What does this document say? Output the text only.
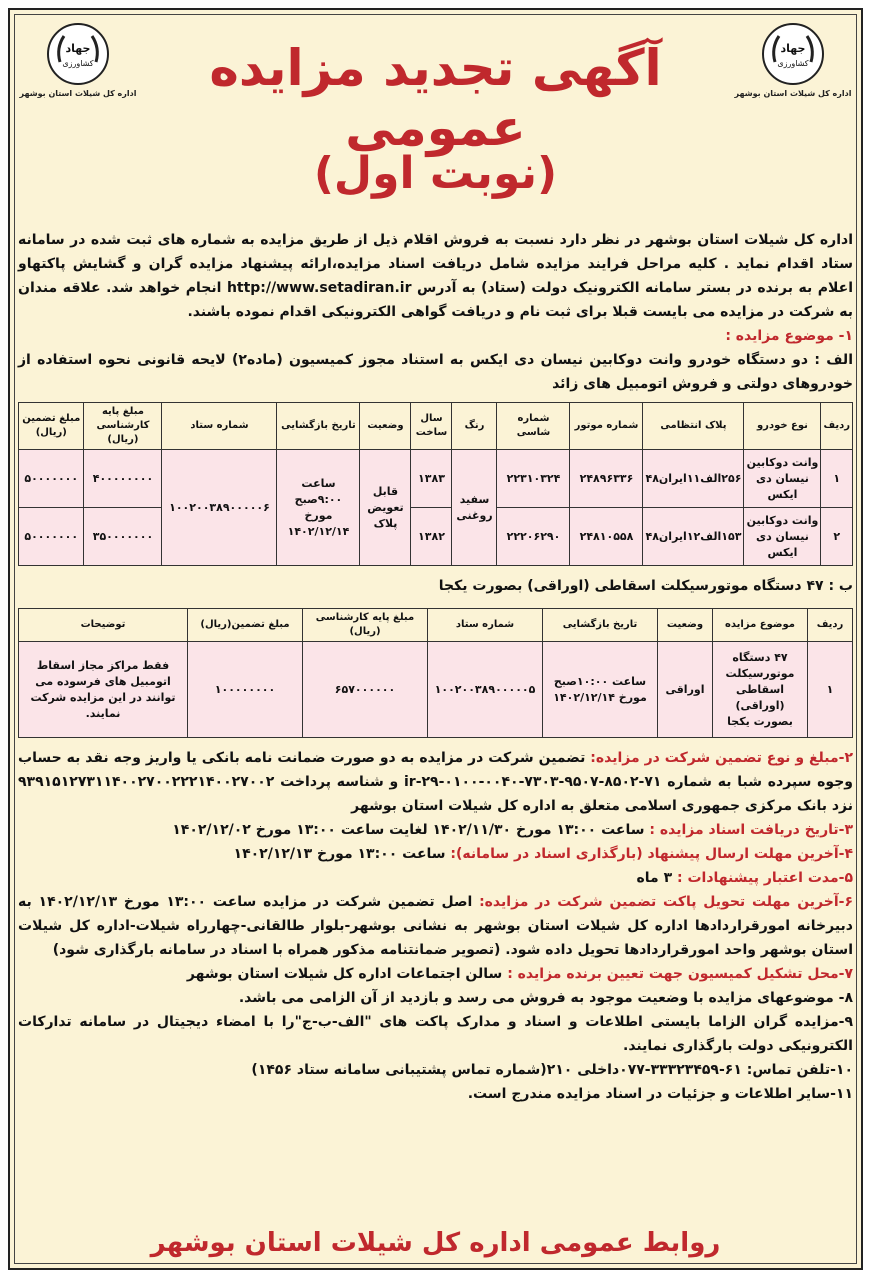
جهاد
کشاورزی
اداره کل شیلات استان بوشهر
جهاد
کشاورزی
اداره کل شیلات استان بوشهر	آگهی تجدید مزایده عمومی
(نوبت اول)
اداره کل شیلات استان بوشهر در نظر دارد نسبت به فروش اقلام ذیل از طریق مزایده به شماره های ثبت شده در سامانه ستاد اقدام نماید . کلیه مراحل فرایند مزایده شامل دریافت اسناد مزایده،ارائه پیشنهاد مزایده گران و گشایش پاکتهاو اعلام به برنده در بستر سامانه الکترونیک دولت (ستاد) به آدرس http://www.setadiran.ir انجام خواهد شد. علاقه مندان به شرکت در مزایده می بایست قبلا برای ثبت نام و دریافت گواهی الکترونیکی اقدام نموده باشند.
۱- موضوع مزایده :
الف : دو دستگاه خودرو وانت دوکابین نیسان دی ایکس به استناد مجوز کمیسیون (ماده۲) لایحه قانونی نحوه استفاده از خودروهای دولتی و فروش اتومبیل های زائد
ردیف	نوع خودرو	پلاک انتظامی	شماره موتور	شماره شاسی	رنگ	سال ساخت	وضعیت	تاریخ بازگشایی	شماره ستاد	مبلغ پایه کارشناسی (ریال)	مبلغ تضمین (ریال)
۱	وانت دوکابین نیسان دی ایکس	۲۵۶الف۱۱ایران۴۸	۲۴۸۹۶۳۳۶	۲۲۳۱۰۳۲۴	سفید روغنی	۱۳۸۳	قابل تعویض پلاک	ساعت ۹:۰۰صبح مورخ ۱۴۰۲/۱۲/۱۴	۱۰۰۲۰۰۳۸۹۰۰۰۰۰۶	۴۰۰۰۰۰۰۰۰	۵۰۰۰۰۰۰۰
۲	وانت دوکابین نیسان دی ایکس	۱۵۳الف۱۲ایران۴۸	۲۴۸۱۰۵۵۸	۲۲۲۰۶۲۹۰		۱۳۸۲				۳۵۰۰۰۰۰۰۰	۵۰۰۰۰۰۰۰
ب : ۴۷ دستگاه موتورسیکلت اسقاطی (اوراقی) بصورت یکجا
ردیف	موضوع مزایده	وضعیت	تاریخ بازگشایی	شماره ستاد	مبلغ پایه کارشناسی (ریال)	مبلغ تضمین(ریال)	توضیحات
۱	۴۷ دستگاه موتورسیکلت اسقاطی (اوراقی) بصورت یکجا	اوراقی	ساعت ۱۰:۰۰صبح مورخ ۱۴۰۲/۱۲/۱۴	۱۰۰۲۰۰۳۸۹۰۰۰۰۰۵	۶۵۷۰۰۰۰۰۰	۱۰۰۰۰۰۰۰۰	فقط مراکز مجاز اسقاط اتومبیل های فرسوده می توانند در این مزایده شرکت نمایند.

۲-مبلغ و نوع تضمین شرکت در مزایده: تضمین شرکت در مزایده به دو صورت ضمانت نامه بانکی یا واریز وجه نقد به حساب وجوه سپرده شبا به شماره ir-۲۹-۰۱۰۰-۰۰۴۰-۷۳۰۳-۹۵۰۷-۸۵۰۲-۷۱ و شناسه پرداخت ۹۳۹۱۵۱۲۷۳۱۱۴۰۰۲۷۰۰۲۲۲۱۴۰۰۲۷۰۰۲ نزد بانک مرکزی جمهوری اسلامی متعلق به اداره کل شیلات استان بوشهر

۳-تاریخ دریافت اسناد مزایده : ساعت ۱۳:۰۰ مورخ ۱۴۰۲/۱۱/۳۰ لغایت ساعت ۱۳:۰۰ مورخ ۱۴۰۲/۱۲/۰۲

۴-آخرین مهلت ارسال پیشنهاد (بارگذاری اسناد در سامانه): ساعت ۱۳:۰۰ مورخ ۱۴۰۲/۱۲/۱۳

۵-مدت اعتبار پیشنهادات : ۳ ماه

۶-آخرین مهلت تحویل پاکت تضمین شرکت در مزایده: اصل تضمین شرکت در مزایده ساعت ۱۳:۰۰ مورخ ۱۴۰۲/۱۲/۱۳ به دبیرخانه امورقراردادها اداره کل شیلات استان بوشهر به نشانی بوشهر-بلوار طالقانی-چهارراه شیلات-اداره کل شیلات استان بوشهر واحد امورقراردادها تحویل داده شود. (تصویر ضمانتنامه مذکور همراه با اسناد در سامانه بارگذاری شود)

۷-محل تشکیل کمیسیون جهت تعیین برنده مزایده : سالن اجتماعات اداره کل شیلات استان بوشهر

۸- موضوعهای مزایده با وضعیت موجود به فروش می رسد و بازدید از آن الزامی می باشد.

۹-مزایده گران الزاما بایستی اطلاعات و اسناد و مدارک پاکت های "الف-ب-ج"را با امضاء دیجیتال در سامانه تدارکات الکترونیکی دولت بارگذاری نمایند.

۱۰-تلفن تماس: ۶۱-۳۳۳۲۳۴۵۹-۰۷۷داخلی ۲۱۰(شماره تماس پشتیبانی سامانه ستاد ۱۴۵۶)

۱۱-سایر اطلاعات و جزئیات در اسناد مزایده مندرج است.

روابط عمومی اداره کل شیلات استان بوشهر
